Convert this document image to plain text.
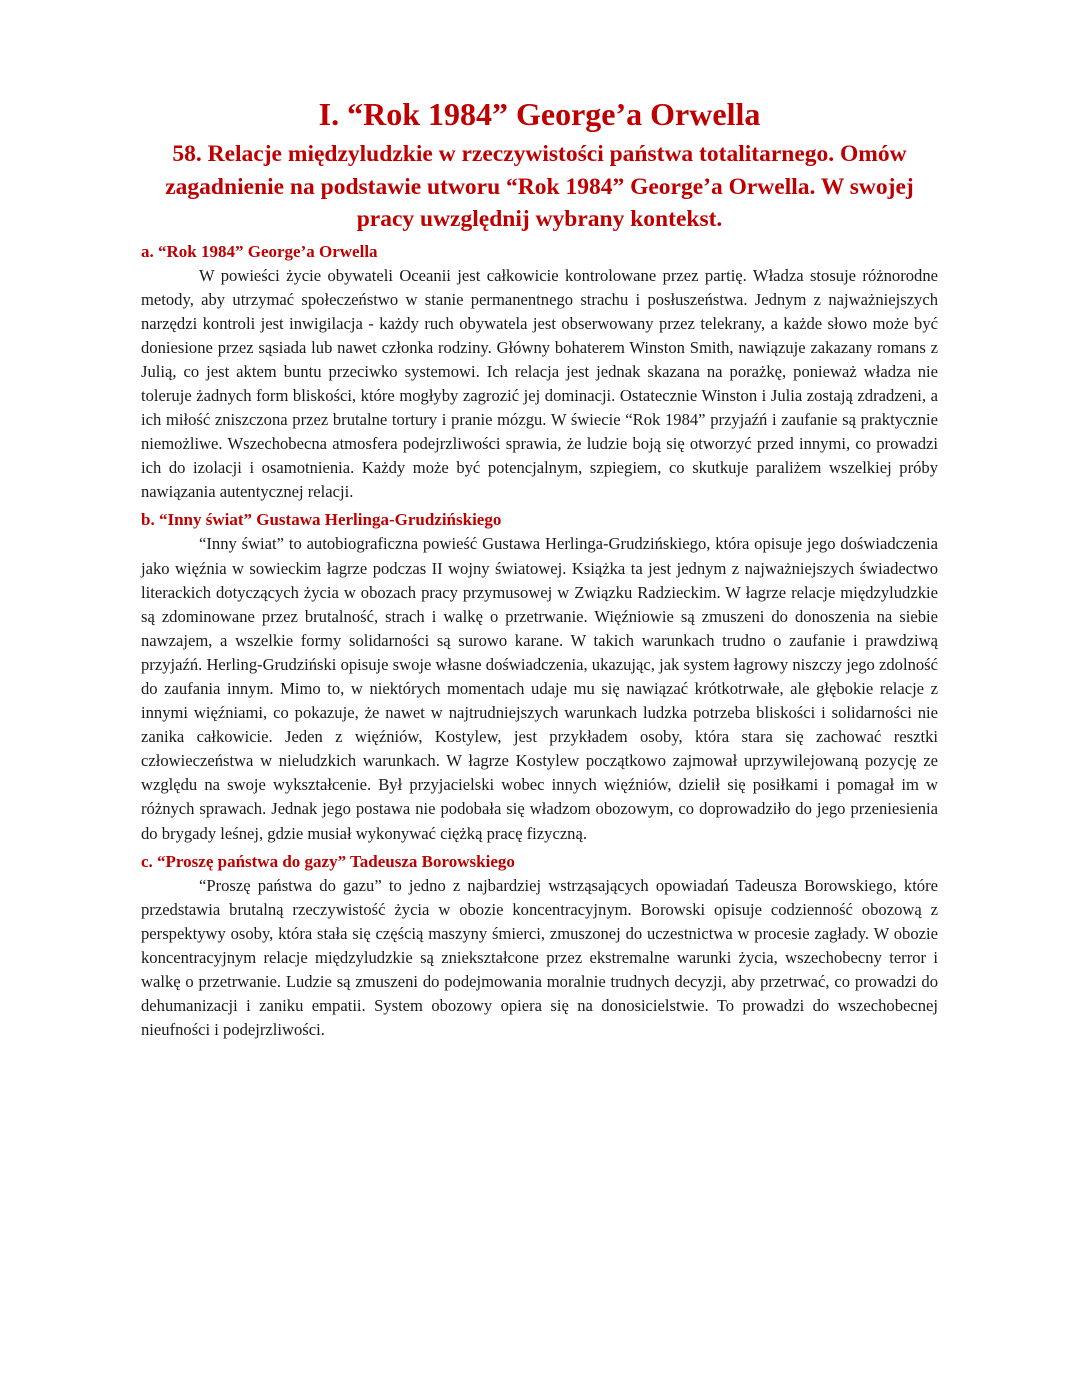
I. “Rok 1984” George’a Orwella
58. Relacje międzyludzkie w rzeczywistości państwa totalitarnego. Omów zagadnienie na podstawie utworu “Rok 1984” George’a Orwella. W swojej pracy uwzględnij wybrany kontekst.
a. “Rok 1984” George’a Orwella

W powieści życie obywateli Oceanii jest całkowicie kontrolowane przez partię. Władza stosuje różnorodne metody, aby utrzymać społeczeństwo w stanie permanentnego strachu i posłuszeństwa. Jednym z najważniejszych narzędzi kontroli jest inwigilacja - każdy ruch obywatela jest obserwowany przez telekrany, a każde słowo może być doniesione przez sąsiada lub nawet członka rodziny. Główny bohaterem Winston Smith, nawiązuje zakazany romans z Julią, co jest aktem buntu przeciwko systemowi. Ich relacja jest jednak skazana na porażkę, ponieważ władza nie toleruje żadnych form bliskości, które mogłyby zagrozić jej dominacji. Ostatecznie Winston i Julia zostają zdradzeni, a ich miłość zniszczona przez brutalne tortury i pranie mózgu. W świecie “Rok 1984” przyjaźń i zaufanie są praktycznie niemożliwe. Wszechobecna atmosfera podejrzliwości sprawia, że ludzie boją się otworzyć przed innymi, co prowadzi ich do izolacji i osamotnienia. Każdy może być potencjalnym, szpiegiem, co skutkuje paraliżem wszelkiej próby nawiązania autentycznej relacji.

b. “Inny świat” Gustawa Herlinga-Grudzińskiego

“Inny świat” to autobiograficzna powieść Gustawa Herlinga-Grudzińskiego, która opisuje jego doświadczenia jako więźnia w sowieckim łagrze podczas II wojny światowej. Książka ta jest jednym z najważniejszych świadectwo literackich dotyczących życia w obozach pracy przymusowej w Związku Radzieckim. W łagrze relacje międzyludzkie są zdominowane przez brutalność, strach i walkę o przetrwanie. Więźniowie są zmuszeni do donoszenia na siebie nawzajem, a wszelkie formy solidarności są surowo karane. W takich warunkach trudno o zaufanie i prawdziwą przyjaźń. Herling-Grudziński opisuje swoje własne doświadczenia, ukazując, jak system łagrowy niszczy jego zdolność do zaufania innym. Mimo to, w niektórych momentach udaje mu się nawiązać krótkotrwałe, ale głębokie relacje z innymi więźniami, co pokazuje, że nawet w najtrudniejszych warunkach ludzka potrzeba bliskości i solidarności nie zanika całkowicie. Jeden z więźniów, Kostylew, jest przykładem osoby, która stara się zachować resztki człowieczeństwa w nieludzkich warunkach. W łagrze Kostylew początkowo zajmował uprzywilejowaną pozycję ze względu na swoje wykształcenie. Był przyjacielski wobec innych więźniów, dzielił się posiłkami i pomagał im w różnych sprawach. Jednak jego postawa nie podobała się władzom obozowym, co doprowadziło do jego przeniesienia do brygady leśnej, gdzie musiał wykonywać ciężką pracę fizyczną.

c. “Proszę państwa do gazy” Tadeusza Borowskiego

“Proszę państwa do gazu” to jedno z najbardziej wstrząsających opowiadań Tadeusza Borowskiego, które przedstawia brutalną rzeczywistość życia w obozie koncentracyjnym. Borowski opisuje codzienność obozową z perspektywy osoby, która stała się częścią maszyny śmierci, zmuszonej do uczestnictwa w procesie zagłady. W obozie koncentracyjnym relacje międzyludzkie są zniekształcone przez ekstremalne warunki życia, wszechobecny terror i walkę o przetrwanie. Ludzie są zmuszeni do podejmowania moralnie trudnych decyzji, aby przetrwać, co prowadzi do dehumanizacji i zaniku empatii. System obozowy opiera się na donosicielstwie. To prowadzi do wszechobecnej nieufności i podejrzliwości.
